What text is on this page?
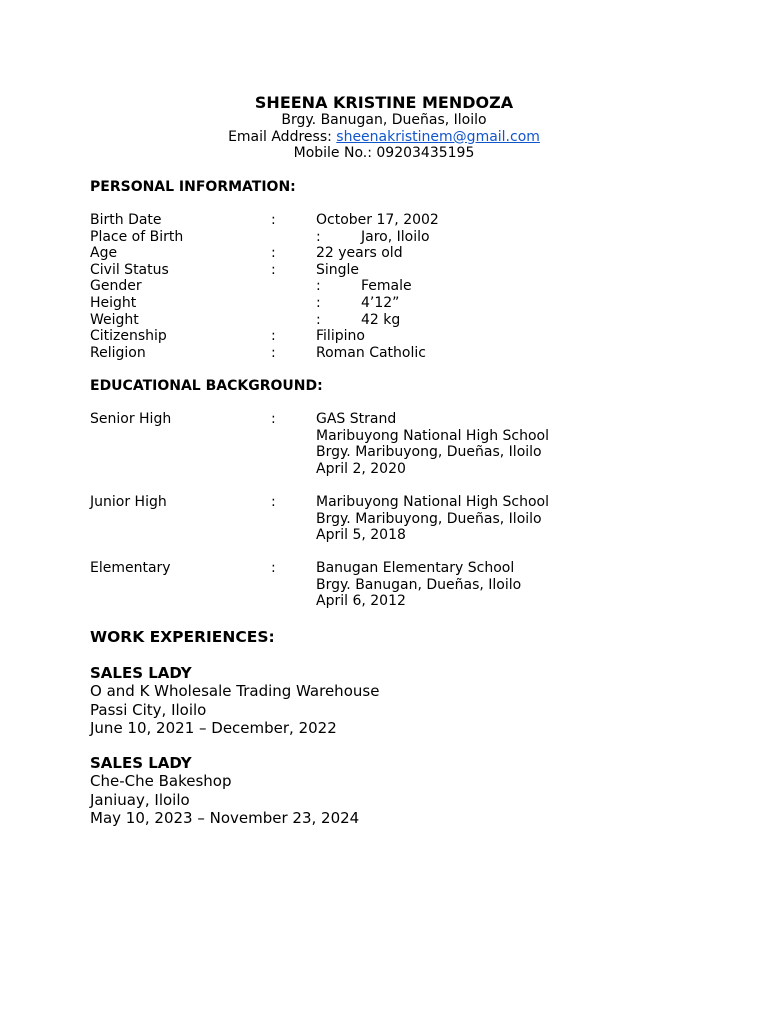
SHEENA KRISTINE MENDOZA
Brgy. Banugan, Dueñas, Iloilo
Email Address: sheenakristinem@gmail.com
Mobile No.: 09203435195
PERSONAL INFORMATION:
Birth Date	:	October 17, 2002
Place of Birth	:	Jaro, Iloilo
Age	:	22 years old
Civil Status	:	Single
Gender	:	Female
Height	:	4’12”
Weight	:	42 kg
Citizenship	:	Filipino
Religion	:	Roman Catholic
EDUCATIONAL BACKGROUND:
Senior High	:	GAS Strand
Maribuyong National High School
Brgy. Maribuyong, Dueñas, Iloilo
April 2, 2020
Junior High	:	Maribuyong National High School
Brgy. Maribuyong, Dueñas, Iloilo
April 5, 2018
Elementary	:	Banugan Elementary School
Brgy. Banugan, Dueñas, Iloilo
April 6, 2012
WORK EXPERIENCES:
SALES LADY
O and K Wholesale Trading Warehouse
Passi City, Iloilo
June 10, 2021 – December, 2022
SALES LADY
Che-Che Bakeshop
Janiuay, Iloilo
May 10, 2023 – November 23, 2024
